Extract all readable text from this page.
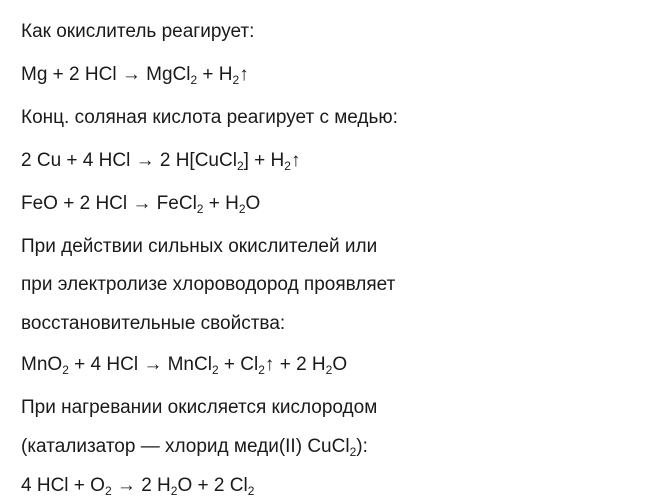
Как окислитель реагирует:
Mg + 2 HCl → MgCl$_2$ + $H_2↑$
Конц. соляная кислота реагирует с медью:
2 Cu + 4 HCl → 2 H[CuCl$_2$] + $H_2↑$
FeO + 2 HCl → FeCl$_2$ + $H_2O$
При действии сильных окислителей или
при электролизе хлороводород проявляет
восстановительные свойства:
MnO$_2$ + 4 HCl → MnCl$_2$ + $Cl_2↑ + 2$ $H_2O$
При нагревании окисляется кислородом
(катализатор — хлорид меди(II) CuCl$_2$):
4 HCl + $O_2 \to 2$ $H_2O + 2$ $Cl_2$
